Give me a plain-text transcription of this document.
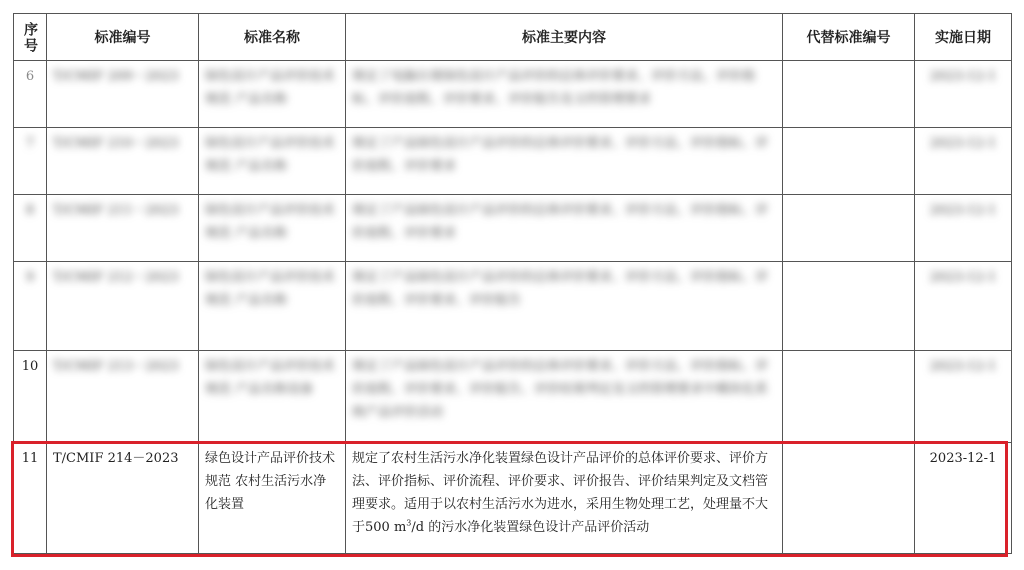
序号	标准编号	标准名称	标准主要内容	代替标准编号	实施日期
6	T/CMIF 209－2023	绿色设计产品评价技术规范 产品名称	规定了电脑台架绿色设计产品评价的总体评价要求、评价方法、评价指标、评价流程、评价要求、评价报告及文档管理要求		2023-12-1
7	T/CMIF 210－2023	绿色设计产品评价技术规范 产品名称	规定了产品绿色设计产品评价的总体评价要求、评价方法、评价指标、评价流程、评价要求		2023-12-1
8	T/CMIF 211－2023	绿色设计产品评价技术规范 产品名称	规定了产品绿色设计产品评价的总体评价要求、评价方法、评价指标、评价流程、评价要求		2023-12-1
9	T/CMIF 212－2023	绿色设计产品评价技术规范 产品名称	规定了产品绿色设计产品评价的总体评价要求、评价方法、评价指标、评价流程、评价要求、评价报告		2023-12-1
10	T/CMIF 213－2023	绿色设计产品评价技术规范 产品名称设备	规定了产品绿色设计产品评价的总体评价要求、评价方法、评价指标、评价流程、评价要求、评价报告、评价结果判定及文档管理要求中模块化系统产品评价活动		2023-12-1
11	T/CMIF 214－2023	绿色设计产品评价技术规范 农村生活污水净化装置	规定了农村生活污水净化装置绿色设计产品评价的总体评价要求、评价方法、评价指标、评价流程、评价要求、评价报告、评价结果判定及文档管理要求。适用于以农村生活污水为进水，采用生物处理工艺，处理量不大于500 $m^3/d$ 的污水净化装置绿色设计产品评价活动		2023-12-1
